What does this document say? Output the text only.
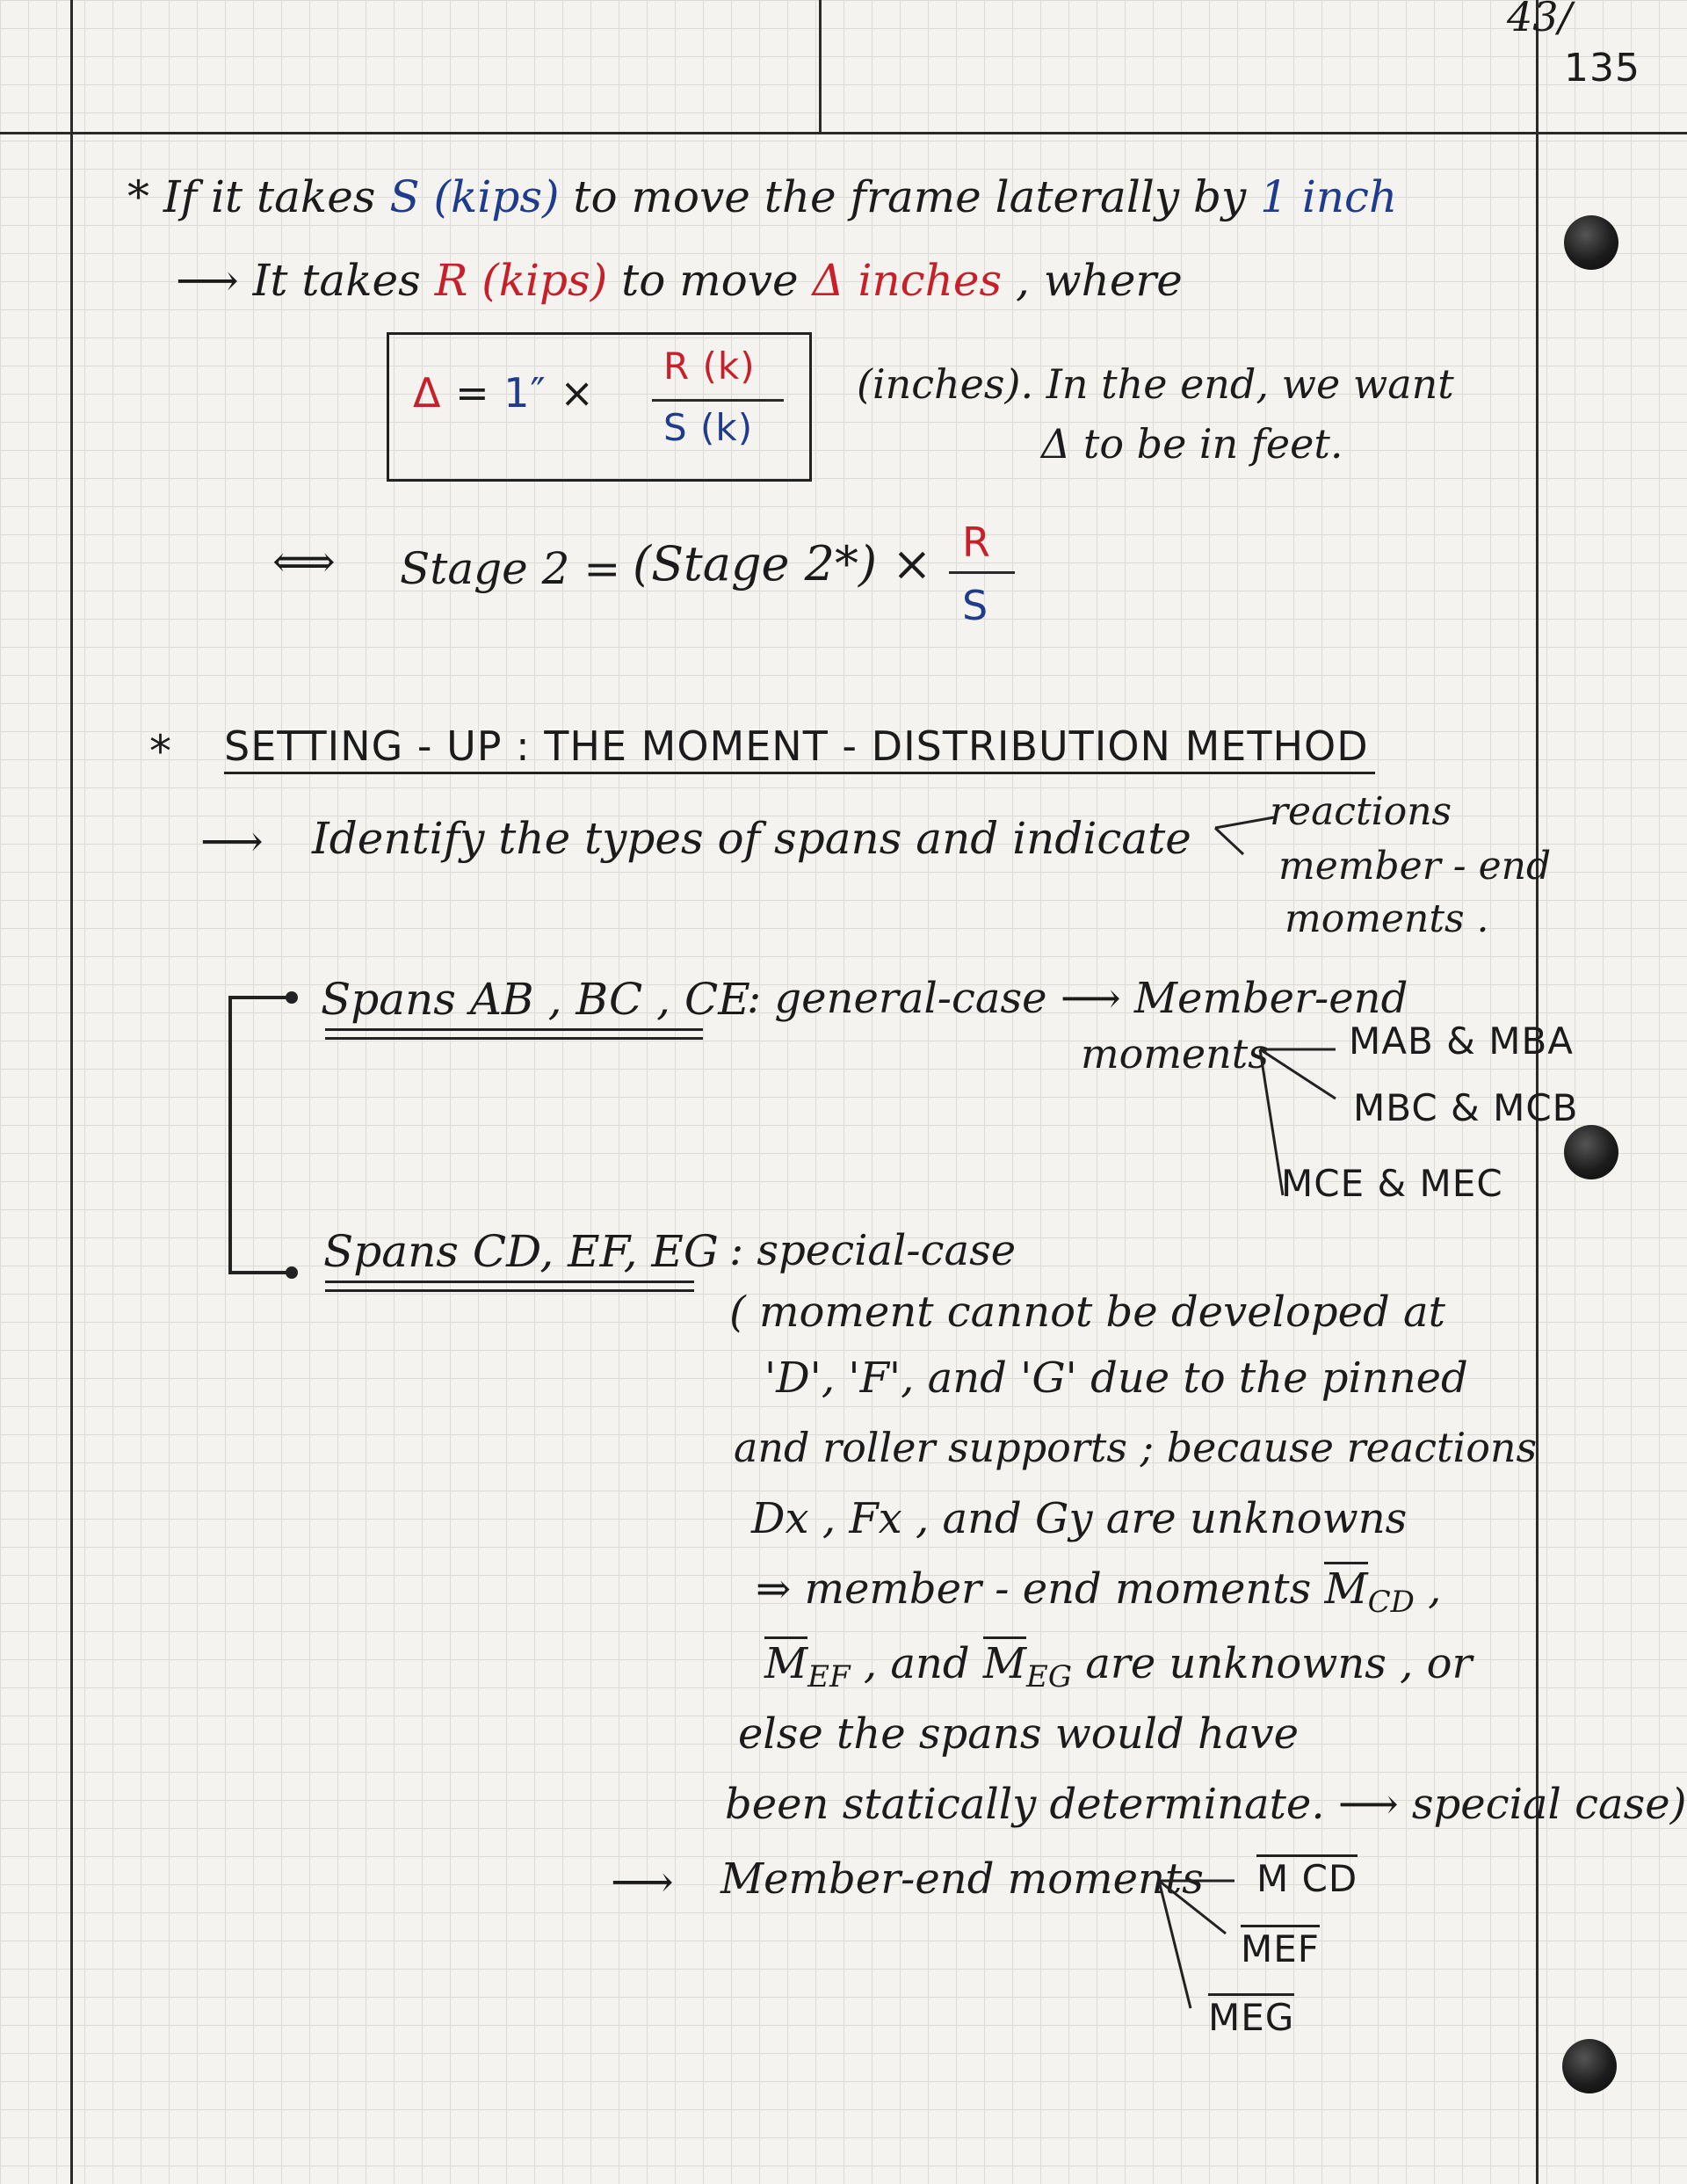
43/
135
* If it takes S (kips) to move the frame laterally by 1 inch
⟶ It takes R (kips) to move Δ inches , where
Δ = 1″ ×
R (k)
S (k)
(inches). In the end, we want
Δ to be in feet.
⟺ Stage 2 = (Stage 2*) × R
S
* SETTING - UP : THE MOMENT - DISTRIBUTION METHOD
⟶ Identify the types of spans and indicate
reactions
member - end
moments .
Spans AB , BC , CE
: general-case ⟶ Member-end
moments MAB & MBA
MBC & MCB
MCE & MEC
Spans CD, EF, EG : special-case
( moment cannot be developed at
'D', 'F', and 'G' due to the pinned
and roller supports ; because reactions
Dx , Fx , and Gy are unknowns
⇒ member - end moments $M_{CD}$ ,
$M_{EF}$ , and $M_{EG}$ are unknowns , or
else the spans would have
been statically determinate. ⟶ special case)
⟶ Member-end moments M CD
MEF
MEG
